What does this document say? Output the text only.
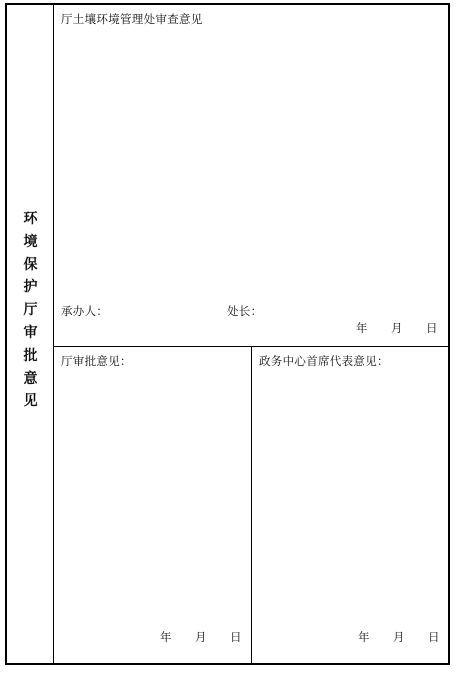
环
境
保
护
厅
审
批
意
见
厅土壤环境管理处审查意见
承办人：	处长：
年 月 日
厅审批意见：
年 月 日
政务中心首席代表意见：
年 月 日
